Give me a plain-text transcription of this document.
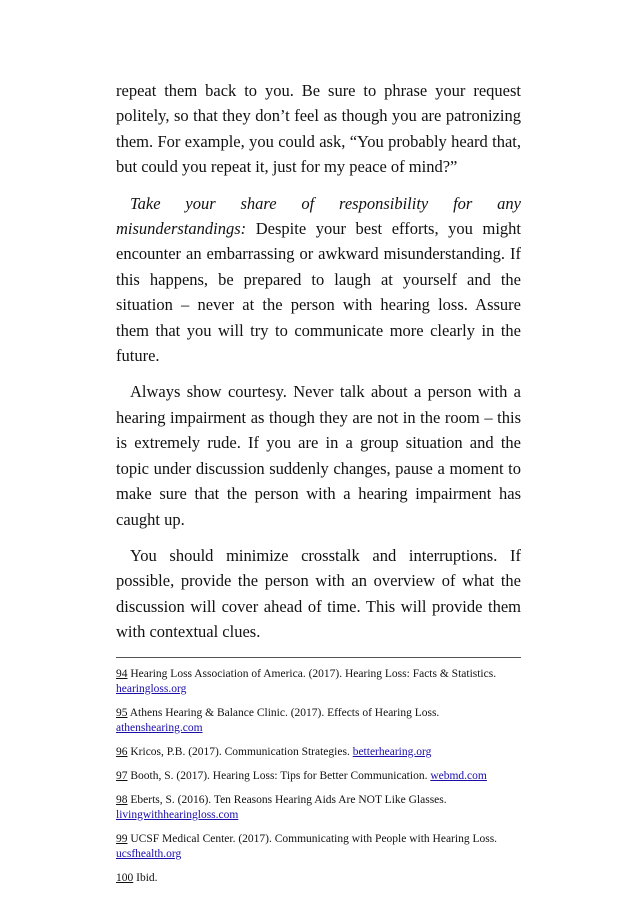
repeat them back to you. Be sure to phrase your request politely, so that they don’t feel as though you are patronizing them. For example, you could ask, “You probably heard that, but could you repeat it, just for my peace of mind?”

Take your share of responsibility for any misunderstandings: Despite your best efforts, you might encounter an embarrassing or awkward misunderstanding. If this happens, be prepared to laugh at yourself and the situation – never at the person with hearing loss. Assure them that you will try to communicate more clearly in the future.

Always show courtesy. Never talk about a person with a hearing impairment as though they are not in the room – this is extremely rude. If you are in a group situation and the topic under discussion suddenly changes, pause a moment to make sure that the person with a hearing impairment has caught up.

You should minimize crosstalk and interruptions. If possible, provide the person with an overview of what the discussion will cover ahead of time. This will provide them with contextual clues.

94 Hearing Loss Association of America. (2017). Hearing Loss: Facts & Statistics. hearingloss.org

95 Athens Hearing & Balance Clinic. (2017). Effects of Hearing Loss. athenshearing.com

96 Kricos, P.B. (2017). Communication Strategies. betterhearing.org

97 Booth, S. (2017). Hearing Loss: Tips for Better Communication. webmd.com

98 Eberts, S. (2016). Ten Reasons Hearing Aids Are NOT Like Glasses. livingwithhearingloss.com

99 UCSF Medical Center. (2017). Communicating with People with Hearing Loss. ucsfhealth.org

100 Ibid.
